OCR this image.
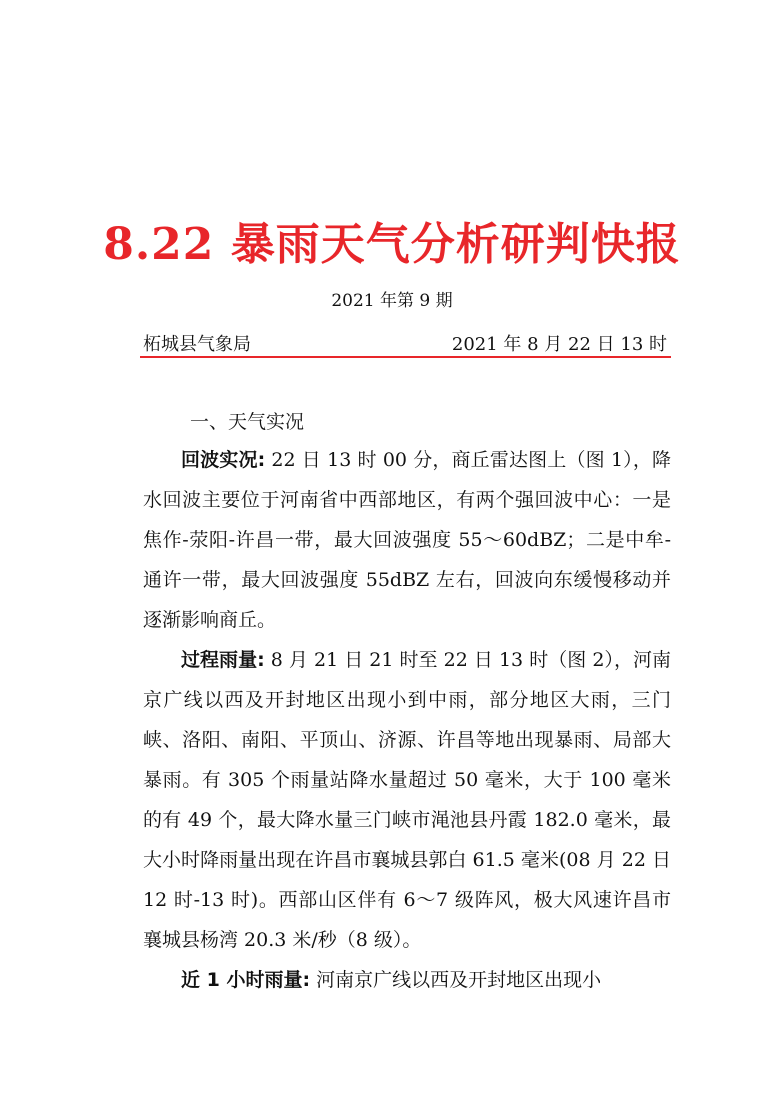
8.22 暴雨天气分析研判快报
2021 年第 9 期
柘城县气象局	2021 年 8 月 22 日 13 时
一、天气实况

回波实况: 22 日 13 时 00 分，商丘雷达图上（图 1），降水回波主要位于河南省中西部地区，有两个强回波中心：一是焦作-荥阳-许昌一带，最大回波强度 55～60dBZ；二是中牟-通许一带，最大回波强度 55dBZ 左右，回波向东缓慢移动并逐渐影响商丘。

过程雨量: 8 月 21 日 21 时至 22 日 13 时（图 2），河南京广线以西及开封地区出现小到中雨，部分地区大雨，三门峡、洛阳、南阳、平顶山、济源、许昌等地出现暴雨、局部大暴雨。有 305 个雨量站降水量超过 50 毫米，大于 100 毫米的有 49 个，最大降水量三门峡市渑池县丹霞 182.0 毫米，最大小时降雨量出现在许昌市襄城县郭白 61.5 毫米(08 月 22 日 12 时-13 时)。西部山区伴有 6～7 级阵风，极大风速许昌市襄城县杨湾 20.3 米/秒（8 级）。

近 1 小时雨量: 河南京广线以西及开封地区出现小
